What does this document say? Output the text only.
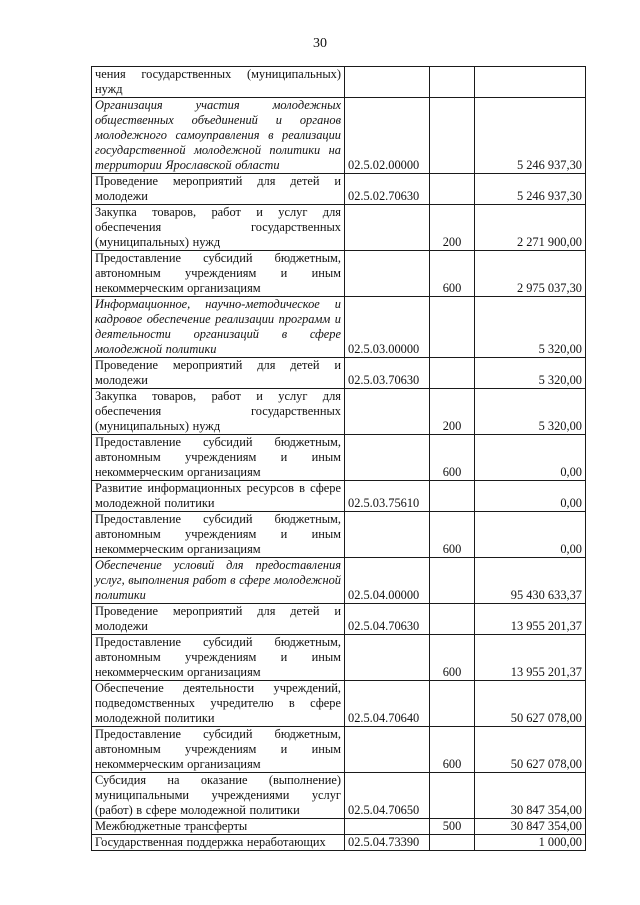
30
чения государственных (муниципальных) нужд			
Организация участия молодежных общественных объединений и органов молодежного самоуправления в реализации государственной молодежной политики на территории Ярославской области	02.5.02.00000		5 246 937,30
Проведение мероприятий для детей и молодежи	02.5.02.70630		5 246 937,30
Закупка товаров, работ и услуг для обеспечения государственных (муниципальных) нужд		200	2 271 900,00
Предоставление субсидий бюджетным, автономным учреждениям и иным некоммерческим организациям		600	2 975 037,30
Информационное, научно-методическое и кадровое обеспечение реализации программ и деятельности организаций в сфере молодежной политики	02.5.03.00000		5 320,00
Проведение мероприятий для детей и молодежи	02.5.03.70630		5 320,00
Закупка товаров, работ и услуг для обеспечения государственных (муниципальных) нужд		200	5 320,00
Предоставление субсидий бюджетным, автономным учреждениям и иным некоммерческим организациям		600	0,00
Развитие информационных ресурсов в сфере молодежной политики	02.5.03.75610		0,00
Предоставление субсидий бюджетным, автономным учреждениям и иным некоммерческим организациям		600	0,00
Обеспечение условий для предоставления услуг, выполнения работ в сфере молодежной политики	02.5.04.00000		95 430 633,37
Проведение мероприятий для детей и молодежи	02.5.04.70630		13 955 201,37
Предоставление субсидий бюджетным, автономным учреждениям и иным некоммерческим организациям		600	13 955 201,37
Обеспечение деятельности учреждений, подведомственных учредителю в сфере молодежной политики	02.5.04.70640		50 627 078,00
Предоставление субсидий бюджетным, автономным учреждениям и иным некоммерческим организациям		600	50 627 078,00
Субсидия на оказание (выполнение) муниципальными учреждениями услуг (работ) в сфере молодежной политики	02.5.04.70650		30 847 354,00
Межбюджетные трансферты		500	30 847 354,00
Государственная поддержка неработающих	02.5.04.73390		1 000,00
